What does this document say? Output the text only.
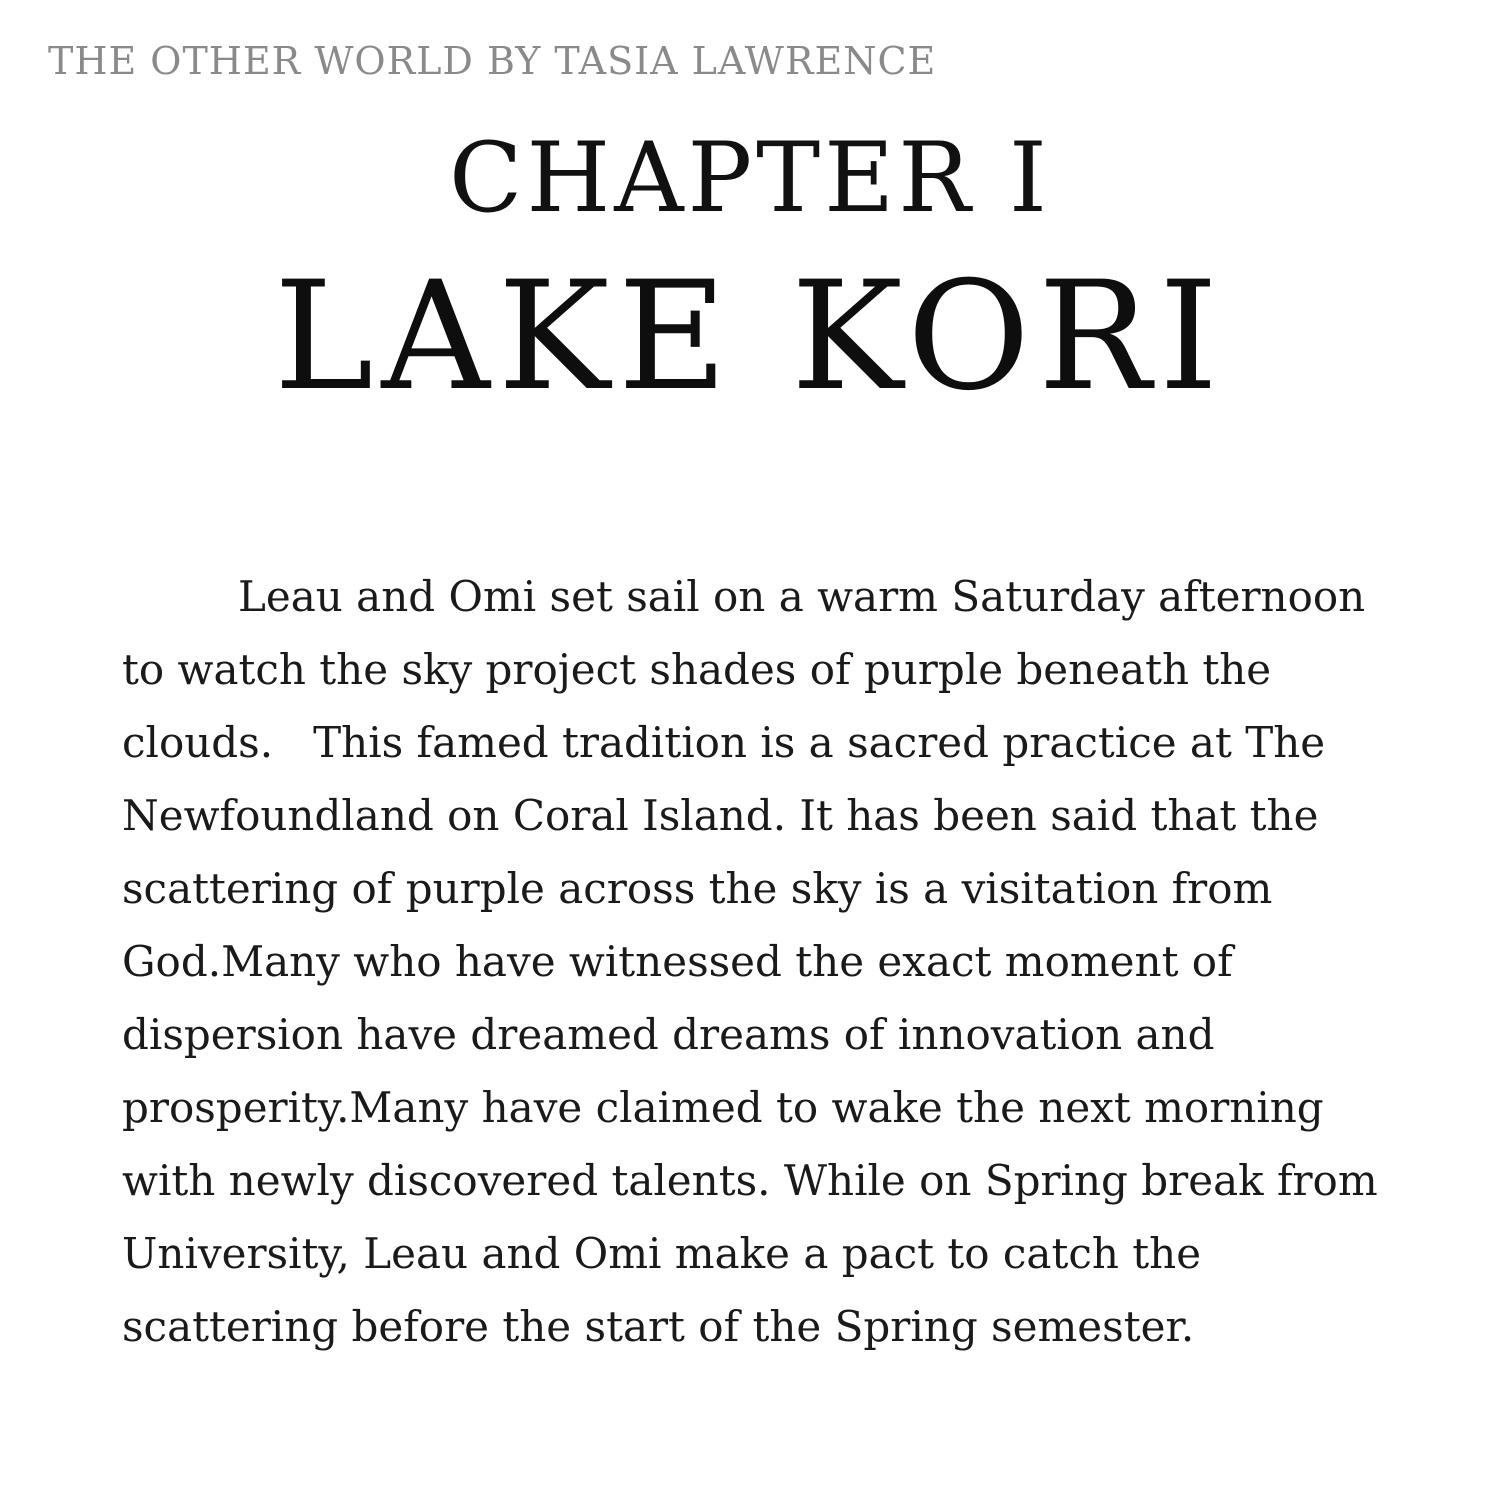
THE OTHER WORLD BY TASIA LAWRENCE
CHAPTER I
LAKE KORI
Leau and Omi set sail on a warm Saturday afternoon
to watch the sky project shades of purple beneath the
clouds.   This famed tradition is a sacred practice at The
Newfoundland on Coral Island. It has been said that the
scattering of purple across the sky is a visitation from
God.Many who have witnessed the exact moment of
dispersion have dreamed dreams of innovation and
prosperity.Many have claimed to wake the next morning
with newly discovered talents. While on Spring break from
University, Leau and Omi make a pact to catch the
scattering before the start of the Spring semester.
